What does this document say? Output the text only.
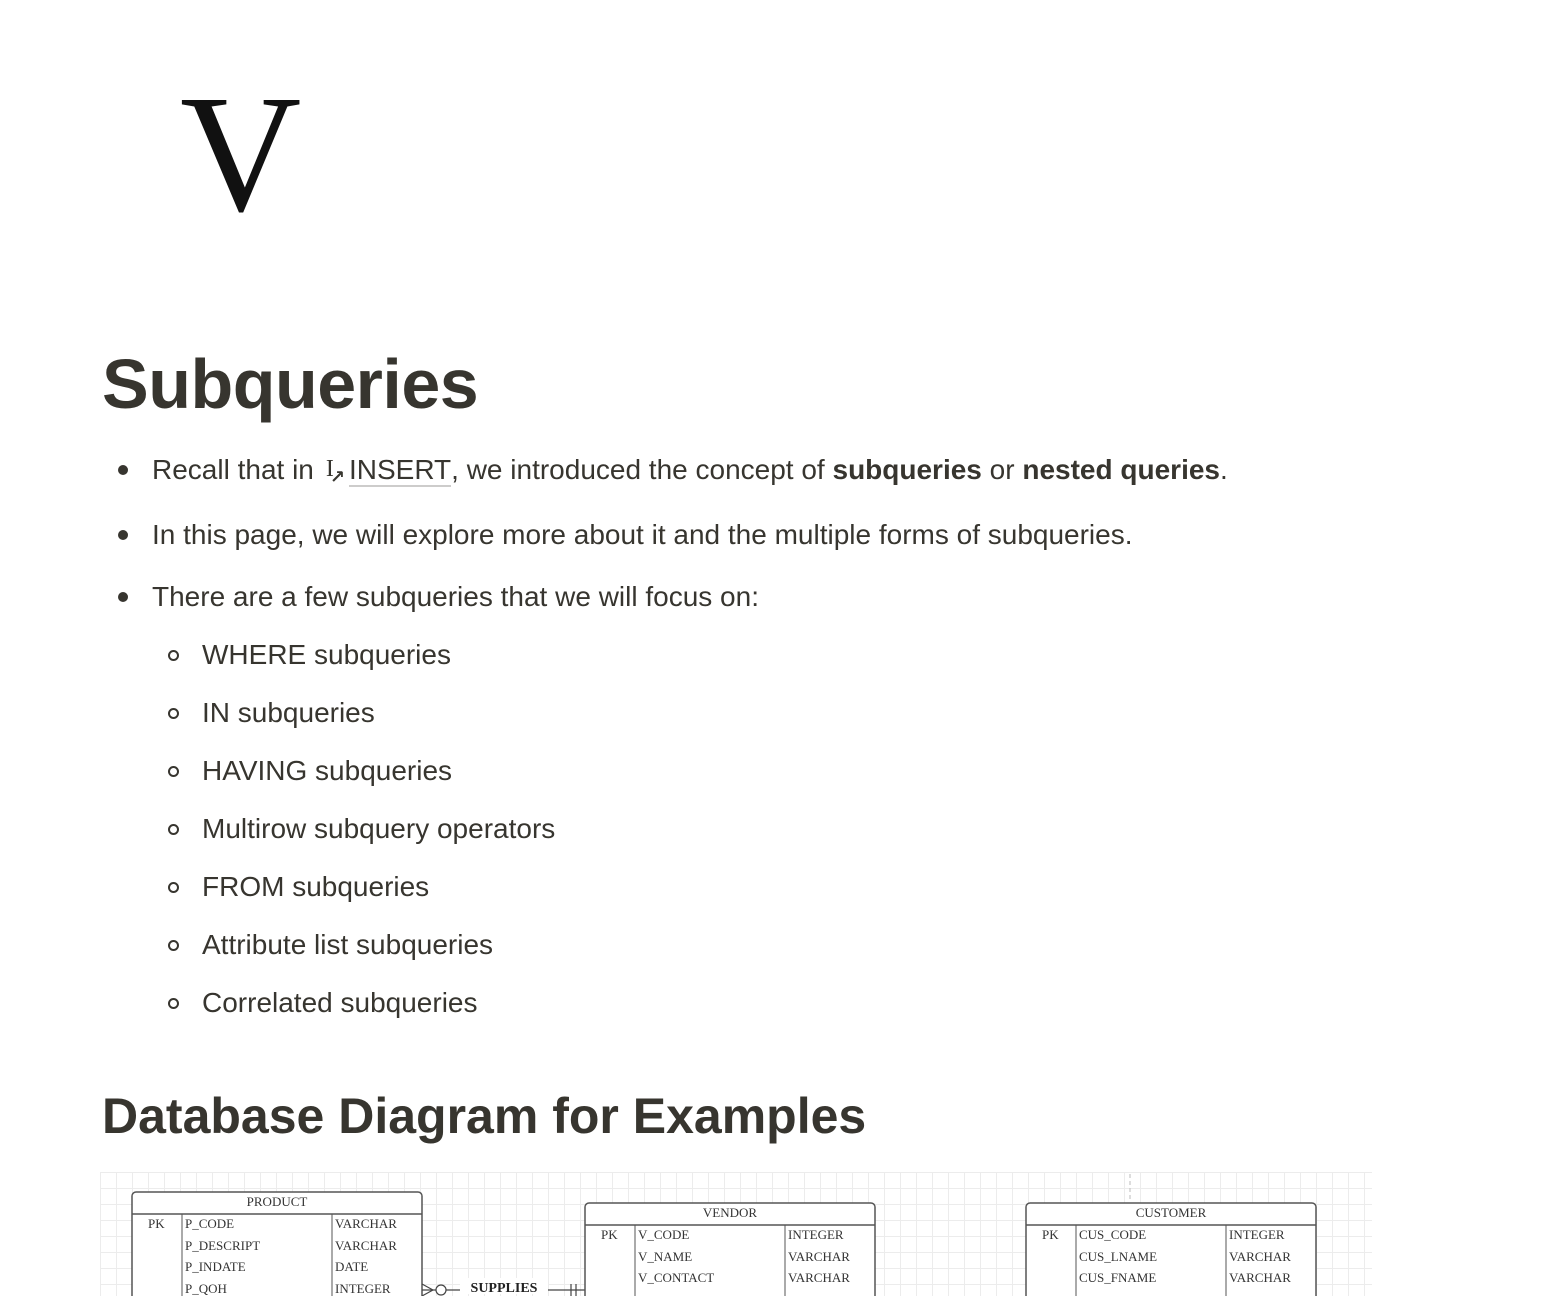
V
Subqueries
Recall that in I↗ INSERT, we introduced the concept of subqueries or nested queries.
In this page, we will explore more about it and the multiple forms of subqueries.
There are a few subqueries that we will focus on:
WHERE subqueries
IN subqueries
HAVING subqueries
Multirow subquery operators
FROM subqueries
Attribute list subqueries
Correlated subqueries
Database Diagram for Examples
PRODUCT
PK P_CODE	VARCHAR
P_DESCRIPT	VARCHAR
P_INDATE	DATE
P_QOH	INTEGER	SUPPLIES
VENDOR
PK V_CODE	INTEGER
V_NAME	VARCHAR
V_CONTACT	VARCHAR
CUSTOMER
PK CUS_CODE	INTEGER
CUS_LNAME	VARCHAR
CUS_FNAME	VARCHAR
